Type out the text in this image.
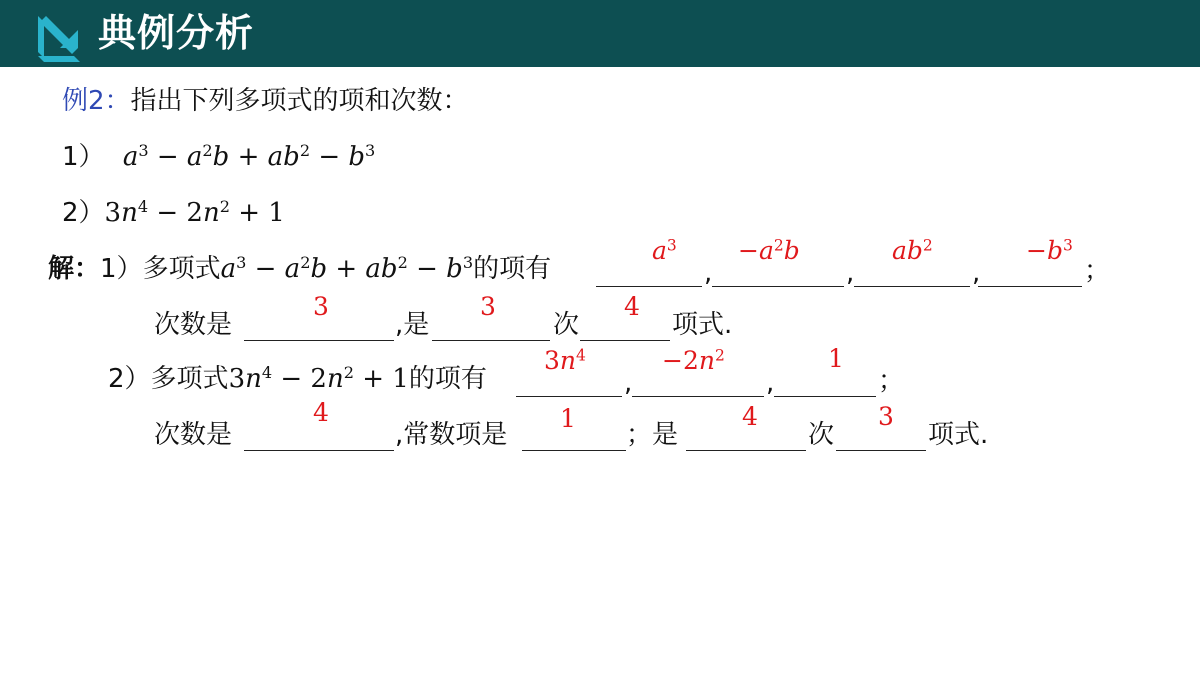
典例分析
例2：指出下列多项式的项和次数：
1） $a^3 - a^2b + ab^2 - b^3$
$2)3n^4 - 2n^2 + 1$
解：1）多项式$a^3 - a^2b + ab^2 - b^3$的项有	,	,	,	；
$a^3 -a^2b$	$ab^2$	$-b^3$
次数是	,是	次	项式.
3	3	4
2）多项式$3n^4 - 2n^2 + 1$的项有	,	,	；
$3n^4$	$-2n^2$	1
次数是	,常数项是	；是	次	项式.
4	1	4	3
